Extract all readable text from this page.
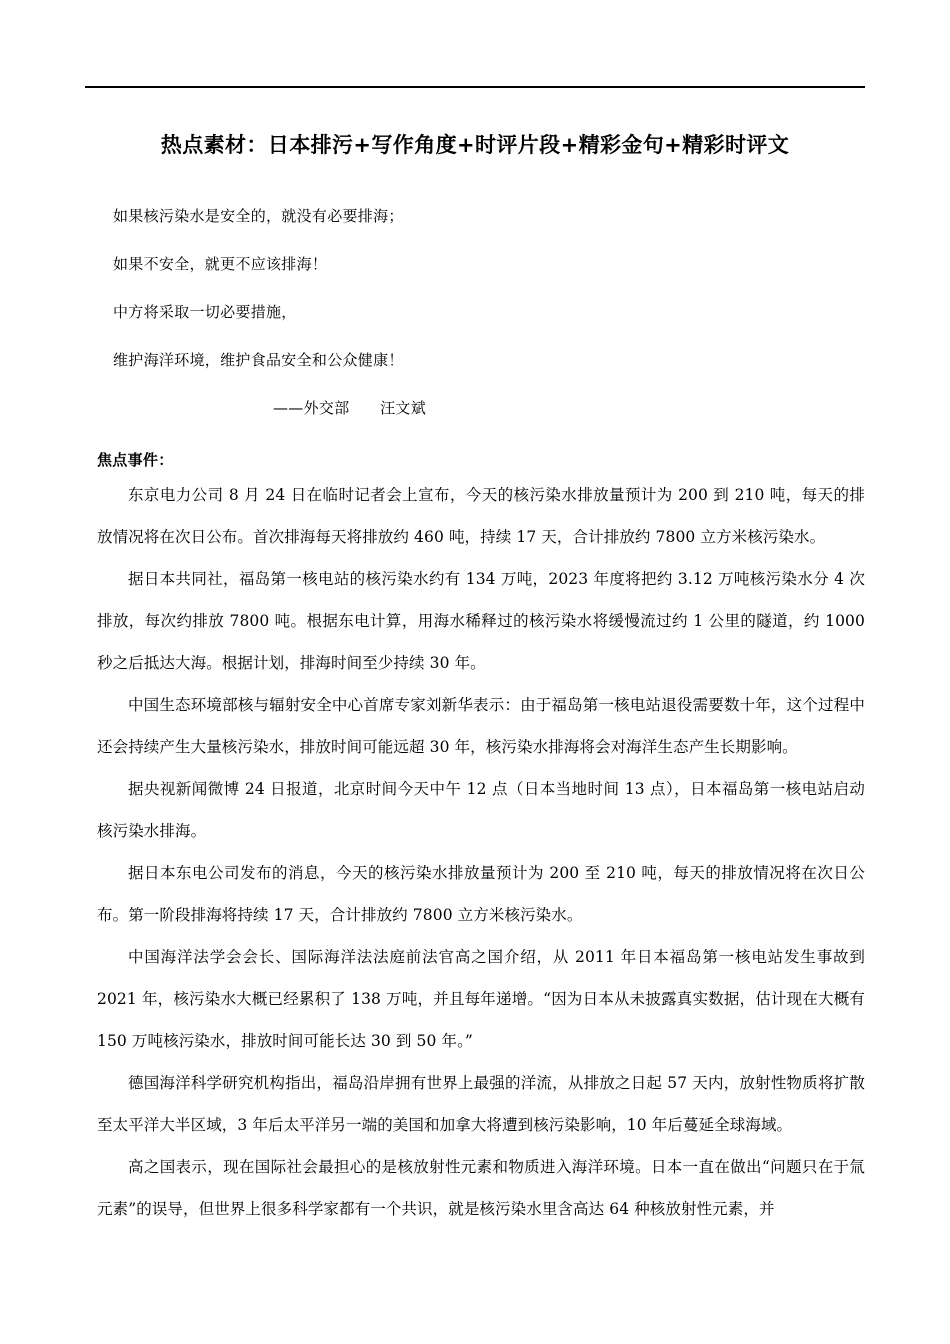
热点素材：日本排污+写作角度+时评片段+精彩金句+精彩时评文

如果核污染水是安全的，就没有必要排海；

如果不安全，就更不应该排海！

中方将采取一切必要措施，

维护海洋环境，维护食品安全和公众健康！

——外交部　　汪文斌

焦点事件：

东京电力公司 8 月 24 日在临时记者会上宣布，今天的核污染水排放量预计为 200 到 210 吨，每天的排放情况将在次日公布。首次排海每天将排放约 460 吨，持续 17 天，合计排放约 7800 立方米核污染水。

据日本共同社，福岛第一核电站的核污染水约有 134 万吨，2023 年度将把约 3.12 万吨核污染水分 4 次排放，每次约排放 7800 吨。根据东电计算，用海水稀释过的核污染水将缓慢流过约 1 公里的隧道，约 1000 秒之后抵达大海。根据计划，排海时间至少持续 30 年。

中国生态环境部核与辐射安全中心首席专家刘新华表示：由于福岛第一核电站退役需要数十年，这个过程中还会持续产生大量核污染水，排放时间可能远超 30 年，核污染水排海将会对海洋生态产生长期影响。

据央视新闻微博 24 日报道，北京时间今天中午 12 点（日本当地时间 13 点），日本福岛第一核电站启动核污染水排海。

据日本东电公司发布的消息，今天的核污染水排放量预计为 200 至 210 吨，每天的排放情况将在次日公布。第一阶段排海将持续 17 天，合计排放约 7800 立方米核污染水。

中国海洋法学会会长、国际海洋法法庭前法官高之国介绍，从 2011 年日本福岛第一核电站发生事故到 2021 年，核污染水大概已经累积了 138 万吨，并且每年递增。“因为日本从未披露真实数据，估计现在大概有 150 万吨核污染水，排放时间可能长达 30 到 50 年。”

德国海洋科学研究机构指出，福岛沿岸拥有世界上最强的洋流，从排放之日起 57 天内，放射性物质将扩散至太平洋大半区域，3 年后太平洋另一端的美国和加拿大将遭到核污染影响，10 年后蔓延全球海域。

高之国表示，现在国际社会最担心的是核放射性元素和物质进入海洋环境。日本一直在做出“问题只在于氚元素”的误导，但世界上很多科学家都有一个共识，就是核污染水里含高达 64 种核放射性元素，并
